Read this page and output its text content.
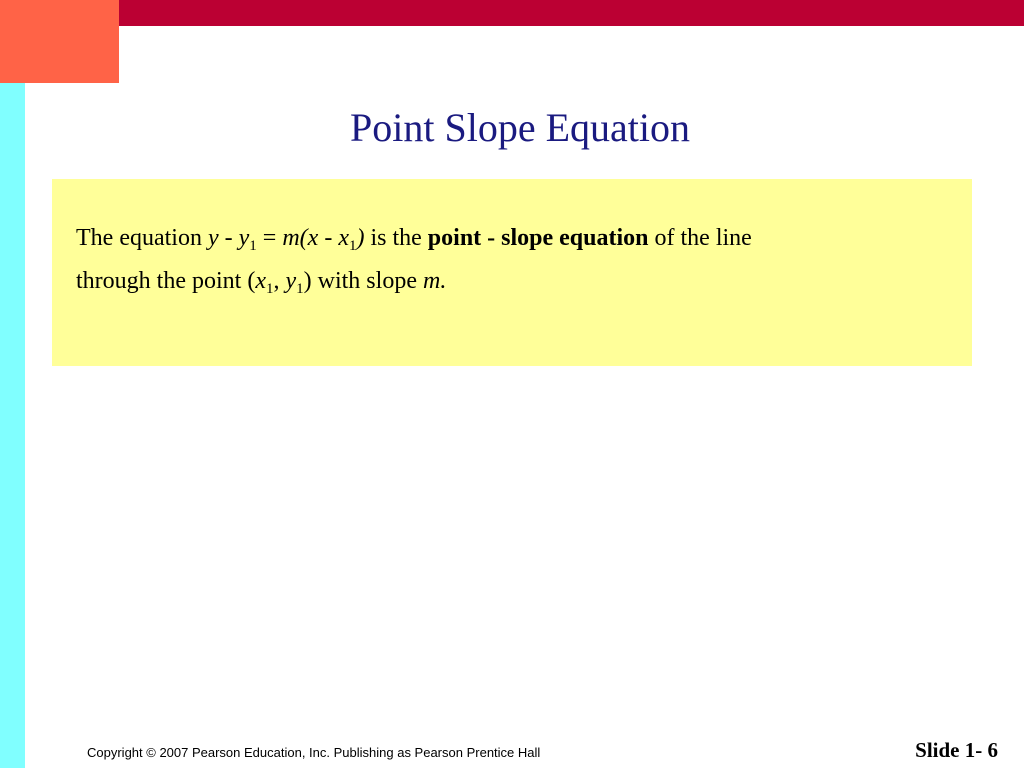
Point Slope Equation
The equation $y - y_1 = m(x - x_1)$ is the point - slope equation of the line
through the point ($x_1$, $y_1$) with slope m.
Copyright © 2007 Pearson Education, Inc. Publishing as Pearson Prentice Hall	Slide 1- 6
